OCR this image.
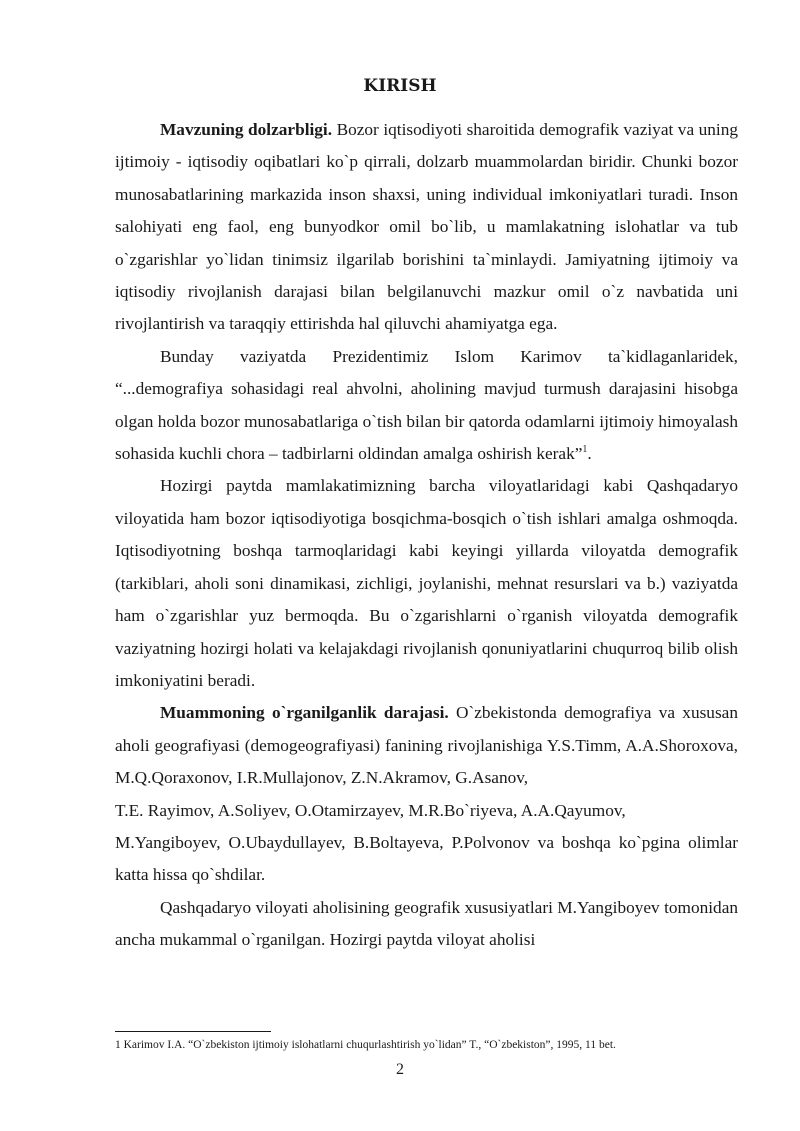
KIRISH

Mavzuning dolzarbligi. Bozor iqtisodiyoti sharoitida demografik vaziyat va uning ijtimoiy - iqtisodiy oqibatlari ko`p qirrali, dolzarb muammolardan biridir. Chunki bozor munosabatlarining markazida inson shaxsi, uning individual imkoniyatlari turadi. Inson salohiyati eng faol, eng bunyodkor omil bo`lib, u mamlakatning islohatlar va tub o`zgarishlar yo`lidan tinimsiz ilgarilab borishini ta`minlaydi. Jamiyatning ijtimoiy va iqtisodiy rivojlanish darajasi bilan belgilanuvchi mazkur omil o`z navbatida uni rivojlantirish va taraqqiy ettirishda hal qiluvchi ahamiyatga ega.

Bunday vaziyatda Prezidentimiz Islom Karimov ta`kidlaganlaridek, “...demografiya sohasidagi real ahvolni, aholining mavjud turmush darajasini hisobga olgan holda bozor munosabatlariga o`tish bilan bir qatorda odamlarni ijtimoiy himoyalash sohasida kuchli chora – tadbirlarni oldindan amalga oshirish kerak”$^1$.

Hozirgi paytda mamlakatimizning barcha viloyatlaridagi kabi Qashqadaryo viloyatida ham bozor iqtisodiyotiga bosqichma-bosqich o`tish ishlari amalga oshmoqda. Iqtisodiyotning boshqa tarmoqlaridagi kabi keyingi yillarda viloyatda demografik (tarkiblari, aholi soni dinamikasi, zichligi, joylanishi, mehnat resurslari va b.) vaziyatda ham o`zgarishlar yuz bermoqda. Bu o`zgarishlarni o`rganish viloyatda demografik vaziyatning hozirgi holati va kelajakdagi rivojlanish qonuniyatlarini chuqurroq bilib olish imkoniyatini beradi.

Muammoning o`rganilganlik darajasi. O`zbekistonda demografiya va xususan aholi geografiyasi (demogeografiyasi) fanining rivojlanishiga Y.S.Timm, A.A.Shoroxova, M.Q.Qoraxonov, I.R.Mullajonov, Z.N.Akramov, G.Asanov,
T.E. Rayimov, A.Soliyev, O.Otamirzayev, M.R.Bo`riyeva, A.A.Qayumov,
M.Yangiboyev, O.Ubaydullayev, B.Boltayeva, P.Polvonov va boshqa ko`pgina olimlar katta hissa qo`shdilar.

Qashqadaryo viloyati aholisining geografik xususiyatlari M.Yangiboyev tomonidan ancha mukammal o`rganilgan. Hozirgi paytda viloyat aholisi

1 Karimov I.A. “O`zbekiston ijtimoiy islohatlarni chuqurlashtirish yo`lidan” T., “O`zbekiston”, 1995, 11 bet.
2
